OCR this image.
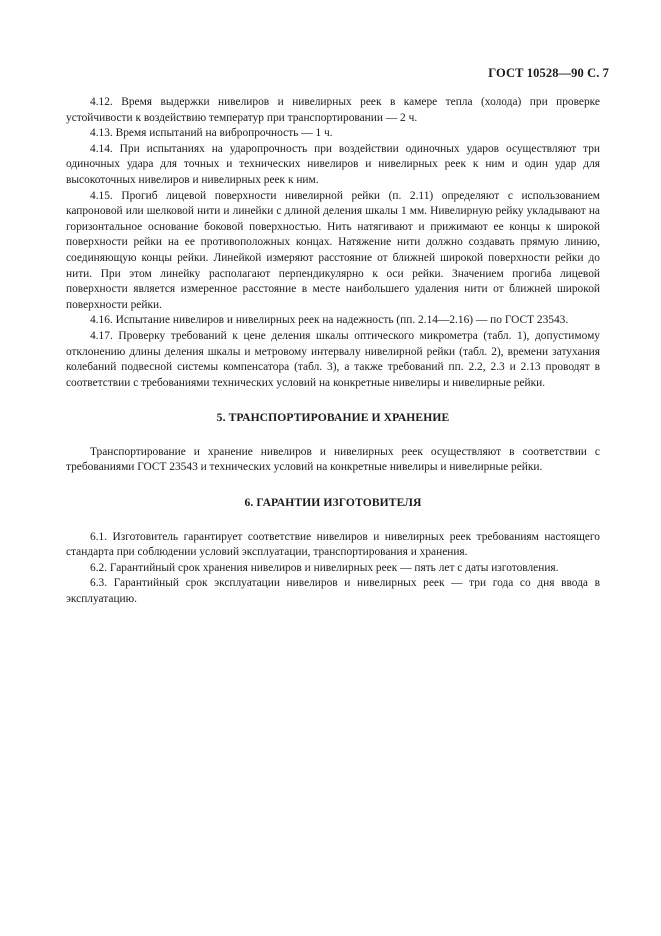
ГОСТ 10528—90 С. 7

4.12. Время выдержки нивелиров и нивелирных реек в камере тепла (холода) при проверке устойчивости к воздействию температур при транспортировании — 2 ч.

4.13. Время испытаний на вибропрочность — 1 ч.

4.14. При испытаниях на ударопрочность при воздействии одиночных ударов осуществляют три одиночных удара для точных и технических нивелиров и нивелирных реек к ним и один удар для высокоточных нивелиров и нивелирных реек к ним.

4.15. Прогиб лицевой поверхности нивелирной рейки (п. 2.11) определяют с использованием капроновой или шелковой нити и линейки с длиной деления шкалы 1 мм. Нивелирную рейку укладывают на горизонтальное основание боковой поверхностью. Нить натягивают и прижимают ее концы к широкой поверхности рейки на ее противоположных концах. Натяжение нити должно создавать прямую линию, соединяющую концы рейки. Линейкой измеряют расстояние от ближней широкой поверхности рейки до нити. При этом линейку располагают перпендикулярно к оси рейки. Значением прогиба лицевой поверхности является измеренное расстояние в месте наибольшего удаления нити от ближней широкой поверхности рейки.

4.16. Испытание нивелиров и нивелирных реек на надежность (пп. 2.14—2.16) — по ГОСТ 23543.

4.17. Проверку требований к цене деления шкалы оптического микрометра (табл. 1), допустимому отклонению длины деления шкалы и метровому интервалу нивелирной рейки (табл. 2), времени затухания колебаний подвесной системы компенсатора (табл. 3), а также требований пп. 2.2, 2.3 и 2.13 проводят в соответствии с требованиями технических условий на конкретные нивелиры и нивелирные рейки.

5. ТРАНСПОРТИРОВАНИЕ И ХРАНЕНИЕ

Транспортирование и хранение нивелиров и нивелирных реек осуществляют в соответствии с требованиями ГОСТ 23543 и технических условий на конкретные нивелиры и нивелирные рейки.

6. ГАРАНТИИ ИЗГОТОВИТЕЛЯ

6.1. Изготовитель гарантирует соответствие нивелиров и нивелирных реек требованиям настоящего стандарта при соблюдении условий эксплуатации, транспортирования и хранения.

6.2. Гарантийный срок хранения нивелиров и нивелирных реек — пять лет с даты изготовления.

6.3. Гарантийный срок эксплуатации нивелиров и нивелирных реек — три года со дня ввода в эксплуатацию.
